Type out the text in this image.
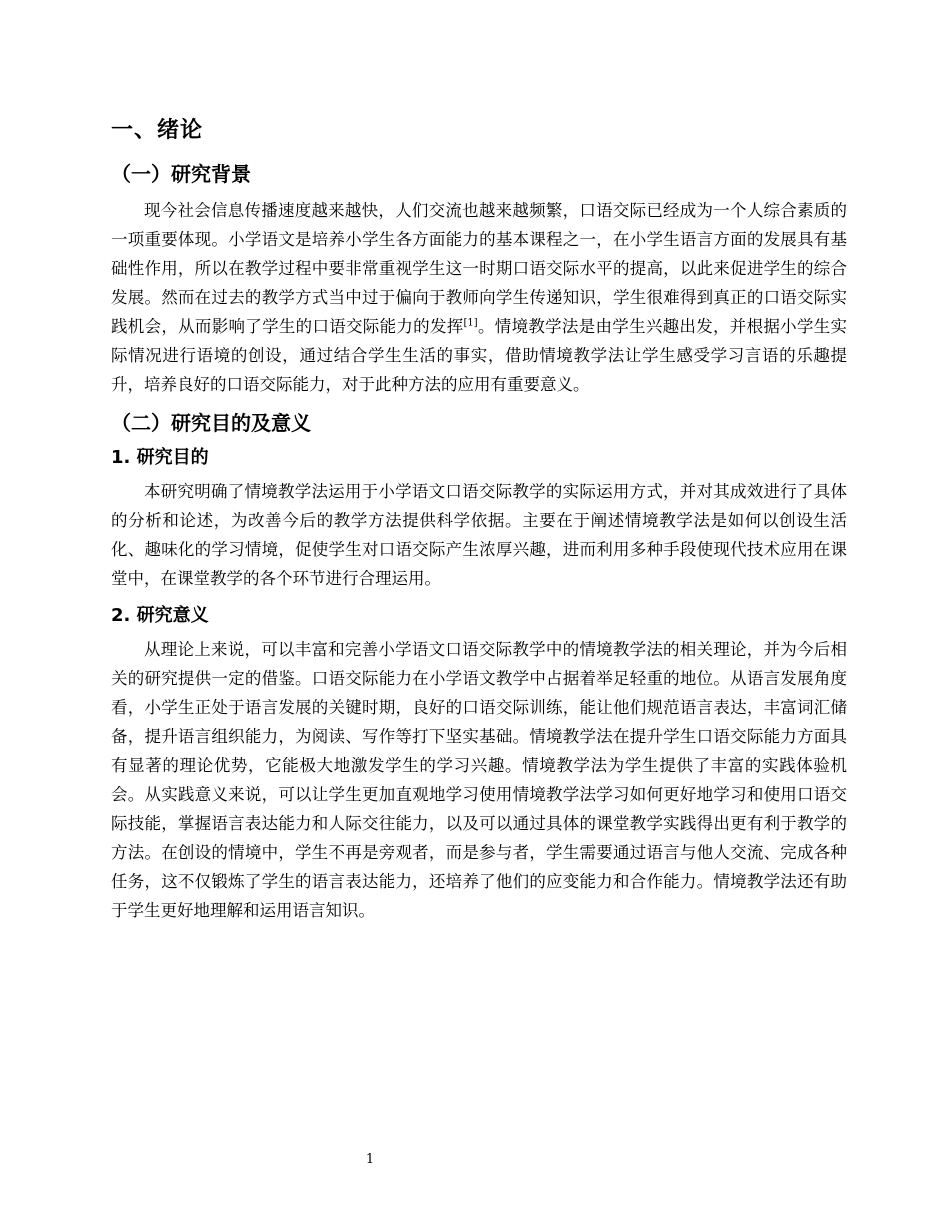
一、绪论
（一）研究背景

现今社会信息传播速度越来越快，人们交流也越来越频繁，口语交际已经成为一个人综合素质的一项重要体现。小学语文是培养小学生各方面能力的基本课程之一，在小学生语言方面的发展具有基础性作用，所以在教学过程中要非常重视学生这一时期口语交际水平的提高，以此来促进学生的综合发展。然而在过去的教学方式当中过于偏向于教师向学生传递知识，学生很难得到真正的口语交际实践机会，从而影响了学生的口语交际能力的发挥[1]。情境教学法是由学生兴趣出发，并根据小学生实际情况进行语境的创设，通过结合学生生活的事实，借助情境教学法让学生感受学习言语的乐趣提升，培养良好的口语交际能力，对于此种方法的应用有重要意义。

（二）研究目的及意义
1. 研究目的

本研究明确了情境教学法运用于小学语文口语交际教学的实际运用方式，并对其成效进行了具体的分析和论述，为改善今后的教学方法提供科学依据。主要在于阐述情境教学法是如何以创设生活化、趣味化的学习情境，促使学生对口语交际产生浓厚兴趣，进而利用多种手段使现代技术应用在课堂中，在课堂教学的各个环节进行合理运用。

2. 研究意义

从理论上来说，可以丰富和完善小学语文口语交际教学中的情境教学法的相关理论，并为今后相关的研究提供一定的借鉴。口语交际能力在小学语文教学中占据着举足轻重的地位。从语言发展角度看，小学生正处于语言发展的关键时期，良好的口语交际训练，能让他们规范语言表达，丰富词汇储备，提升语言组织能力，为阅读、写作等打下坚实基础。情境教学法在提升学生口语交际能力方面具有显著的理论优势，它能极大地激发学生的学习兴趣。情境教学法为学生提供了丰富的实践体验机会。从实践意义来说，可以让学生更加直观地学习使用情境教学法学习如何更好地学习和使用口语交际技能，掌握语言表达能力和人际交往能力，以及可以通过具体的课堂教学实践得出更有利于教学的方法。在创设的情境中，学生不再是旁观者，而是参与者，学生需要通过语言与他人交流、完成各种任务，这不仅锻炼了学生的语言表达能力，还培养了他们的应变能力和合作能力。情境教学法还有助于学生更好地理解和运用语言知识。

1
